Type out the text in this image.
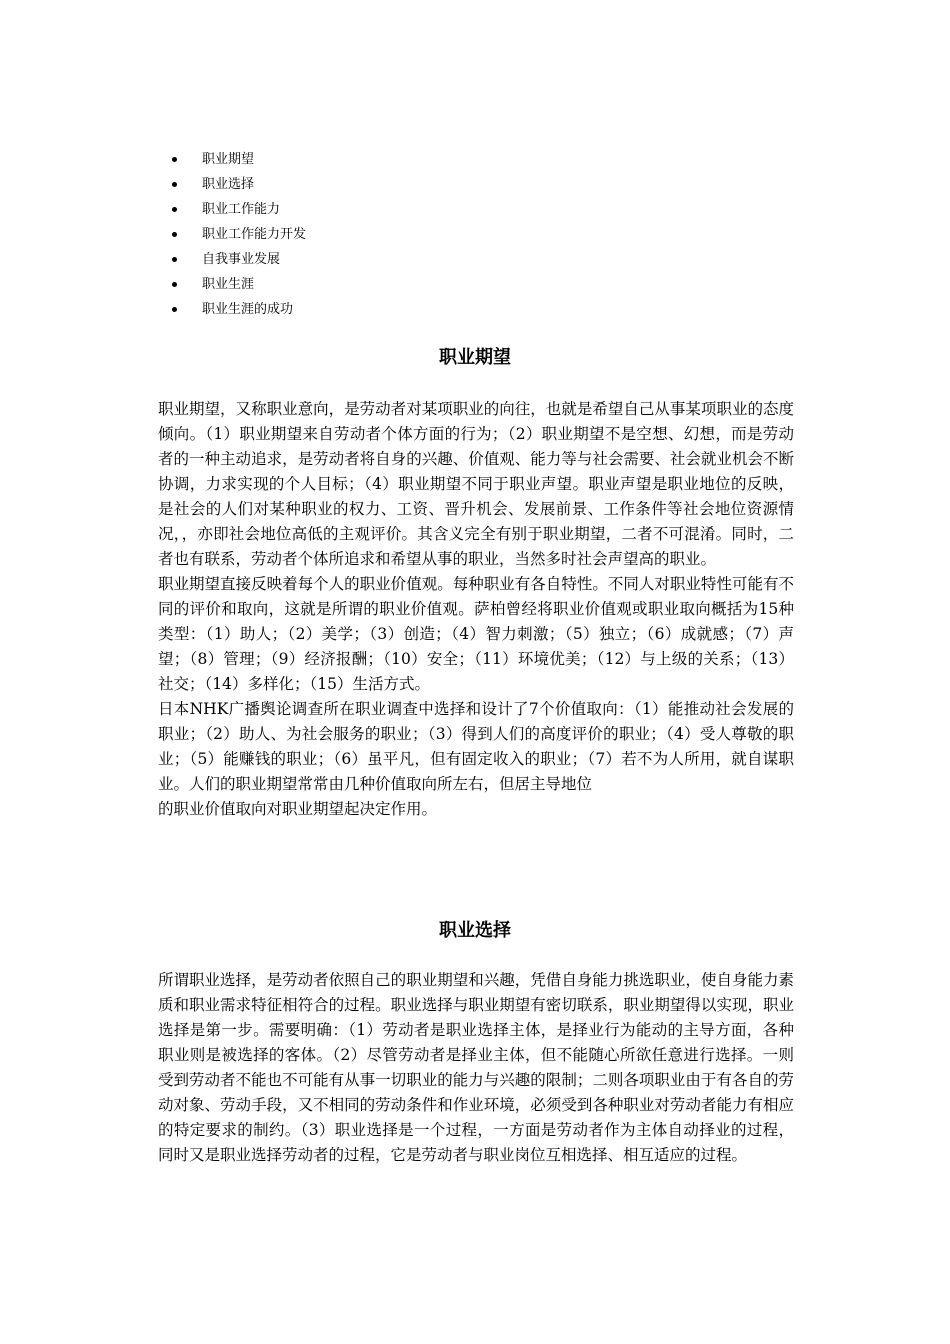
职业期望
职业选择
职业工作能力
职业工作能力开发
自我事业发展
职业生涯
职业生涯的成功
职业期望

职业期望，又称职业意向，是劳动者对某项职业的向往，也就是希望自己从事某项职业的态度倾向。（1）职业期望来自劳动者个体方面的行为；（2）职业期望不是空想、幻想，而是劳动者的一种主动追求，是劳动者将自身的兴趣、价值观、能力等与社会需要、社会就业机会不断协调，力求实现的个人目标；（4）职业期望不同于职业声望。职业声望是职业地位的反映，是社会的人们对某种职业的权力、工资、晋升机会、发展前景、工作条件等社会地位资源情况，，亦即社会地位高低的主观评价。其含义完全有别于职业期望，二者不可混淆。同时，二者也有联系，劳动者个体所追求和希望从事的职业，当然多时社会声望高的职业。

职业期望直接反映着每个人的职业价值观。每种职业有各自特性。不同人对职业特性可能有不同的评价和取向，这就是所谓的职业价值观。萨柏曾经将职业价值观或职业取向概括为15种类型：（1）助人；（2）美学；（3）创造；（4）智力刺激；（5）独立；（6）成就感；（7）声望；（8）管理；（9）经济报酬；（10）安全；（11）环境优美；（12）与上级的关系；（13）社交；（14）多样化；（15）生活方式。

日本NHK广播舆论调查所在职业调查中选择和设计了7个价值取向：（1）能推动社会发展的职业；（2）助人、为社会服务的职业；（3）得到人们的高度评价的职业；（4）受人尊敬的职业；（5）能赚钱的职业；（6）虽平凡，但有固定收入的职业；（7）若不为人所用，就自谋职业。人们的职业期望常常由几种价值取向所左右，但居主导地位

的职业价值取向对职业期望起决定作用。

职业选择

所谓职业选择，是劳动者依照自己的职业期望和兴趣，凭借自身能力挑选职业，使自身能力素质和职业需求特征相符合的过程。职业选择与职业期望有密切联系，职业期望得以实现，职业选择是第一步。需要明确：（1）劳动者是职业选择主体，是择业行为能动的主导方面，各种职业则是被选择的客体。（2）尽管劳动者是择业主体，但不能随心所欲任意进行选择。一则受到劳动者不能也不可能有从事一切职业的能力与兴趣的限制；二则各项职业由于有各自的劳动对象、劳动手段，又不相同的劳动条件和作业环境，必须受到各种职业对劳动者能力有相应的特定要求的制约。（3）职业选择是一个过程，一方面是劳动者作为主体自动择业的过程，同时又是职业选择劳动者的过程，它是劳动者与职业岗位互相选择、相互适应的过程。
